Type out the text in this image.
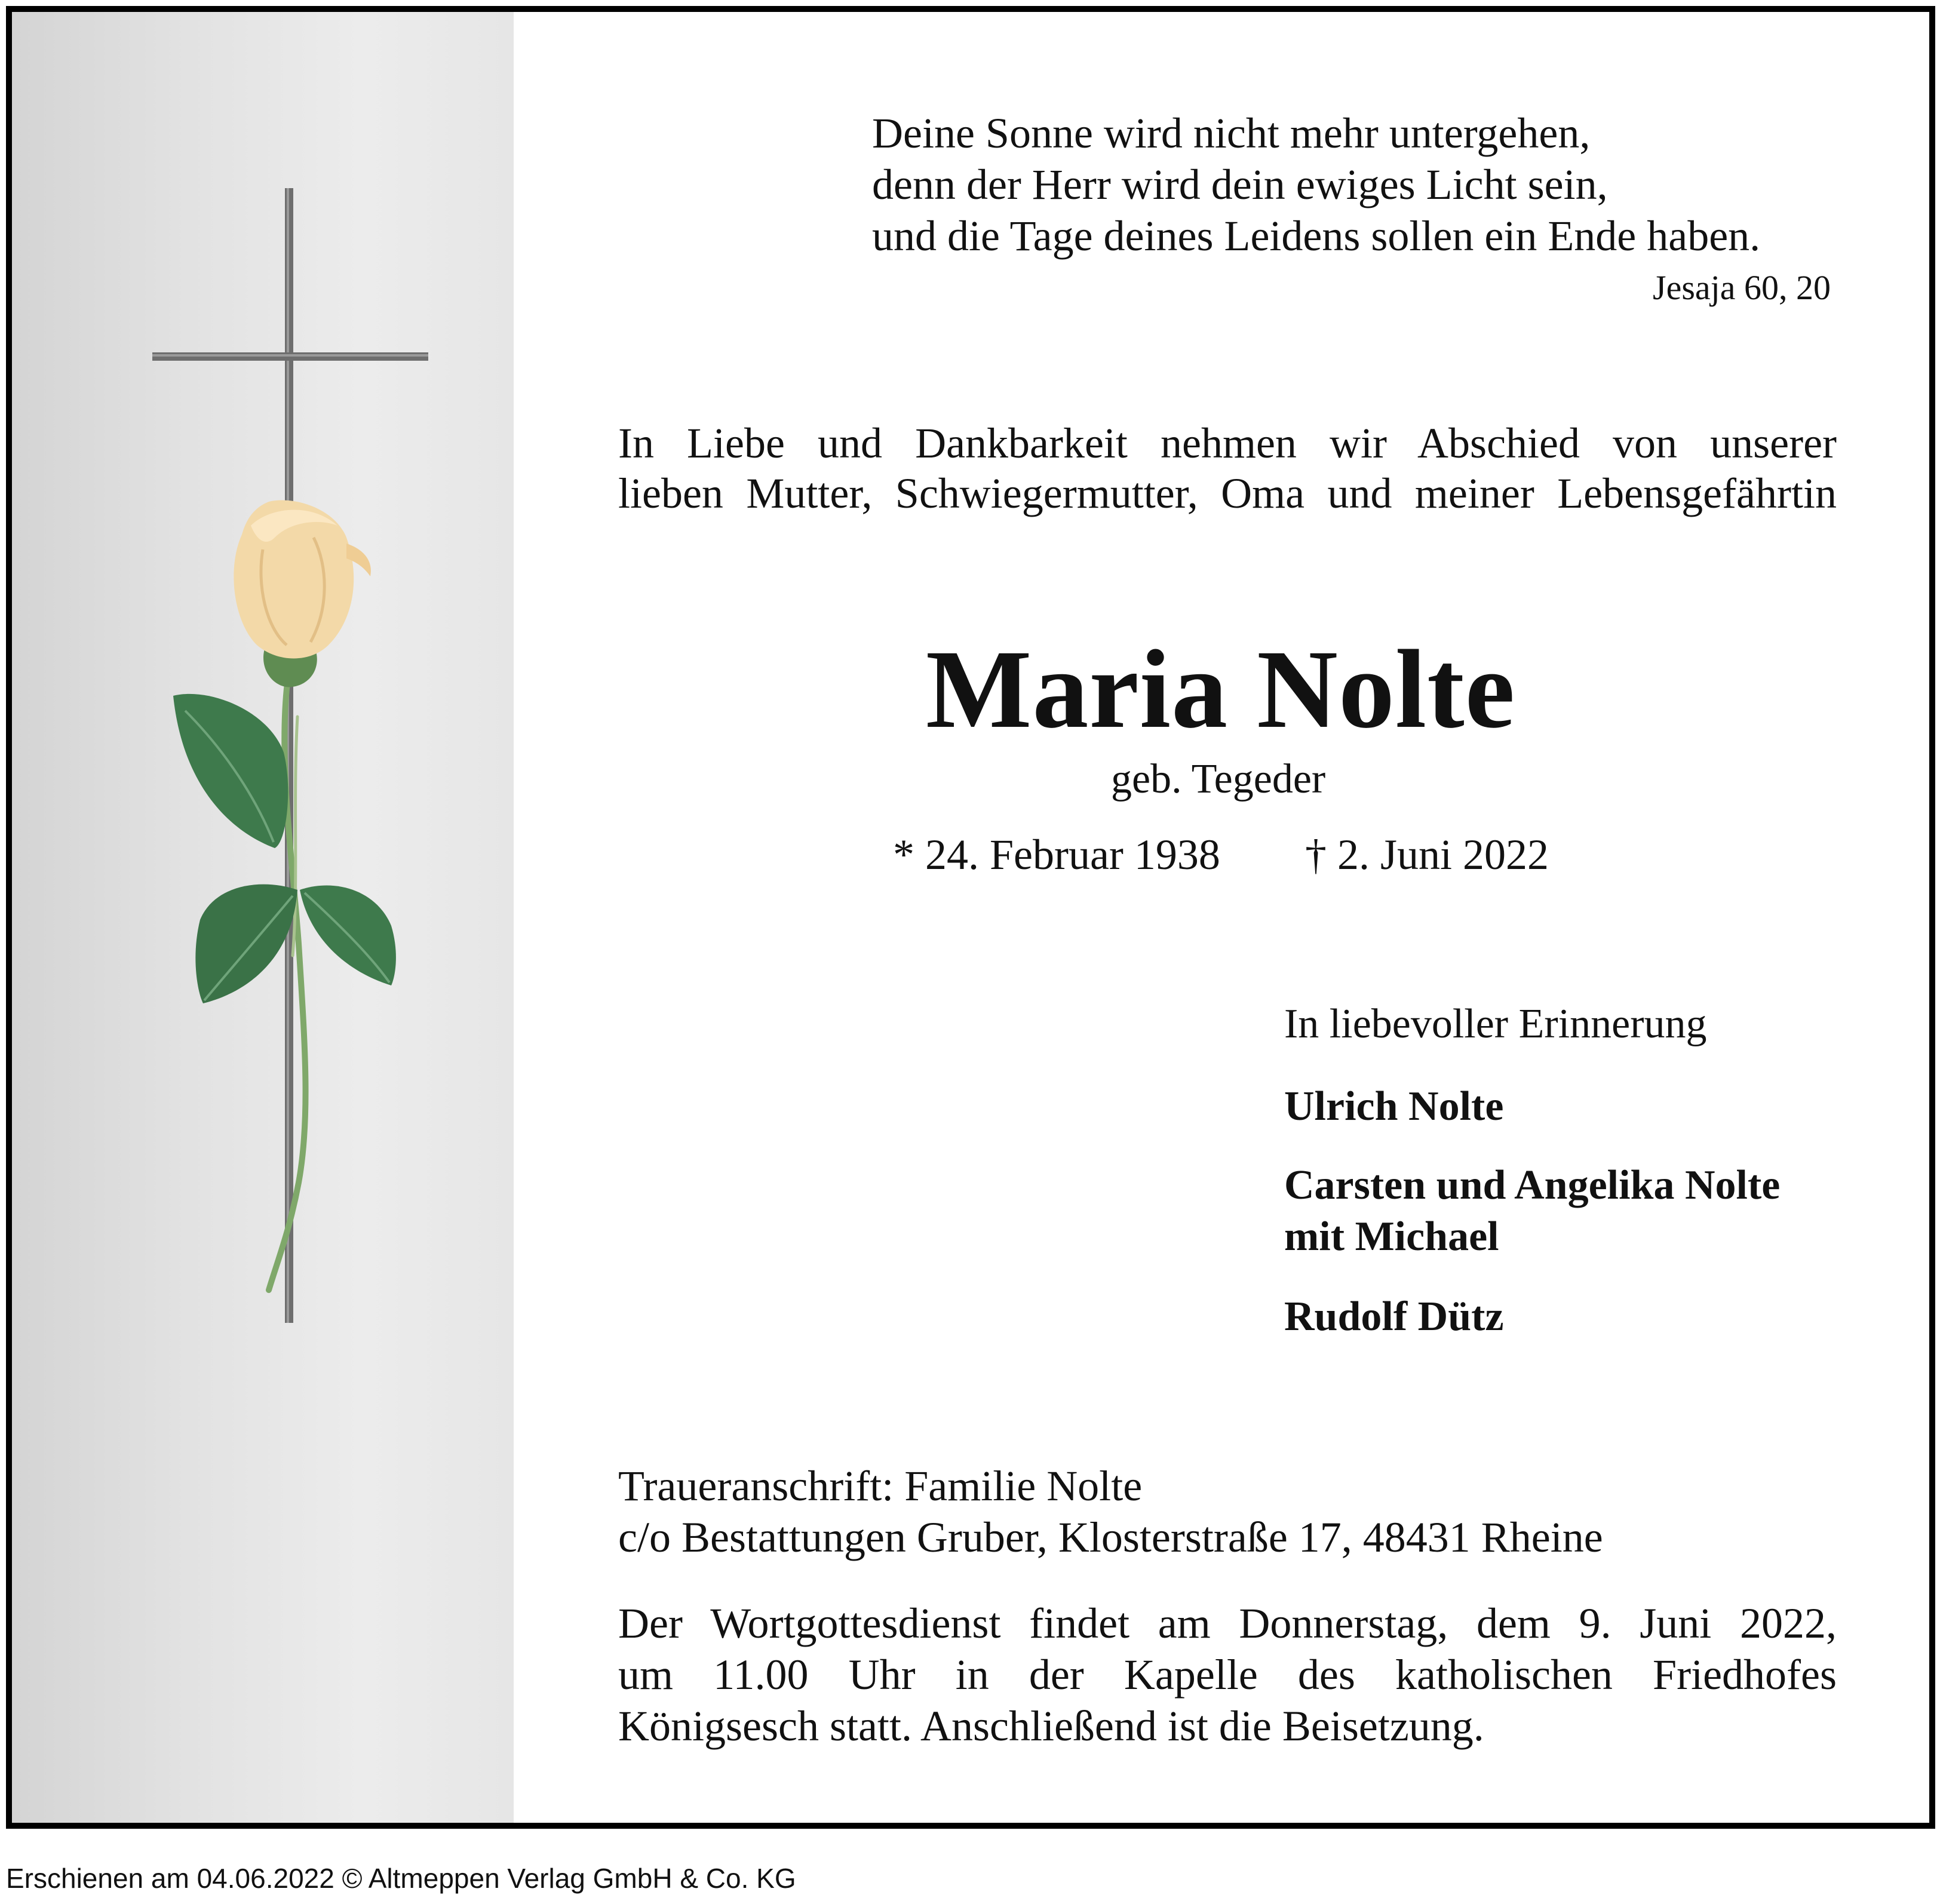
Deine Sonne wird nicht mehr untergehen,
denn der Herr wird dein ewiges Licht sein,
und die Tage deines Leidens sollen ein Ende haben.
Jesaja 60, 20
In Liebe und Dankbarkeit nehmen wir Abschied von unserer
lieben Mutter, Schwiegermutter, Oma und meiner Lebensgefährtin
Maria Nolte
geb. Tegeder
* 24. Februar 1938 † 2. Juni 2022
In liebevoller Erinnerung
Ulrich Nolte
Carsten und Angelika Nolte
mit Michael
Rudolf Dütz
Traueranschrift: Familie Nolte
c/o Bestattungen Gruber, Klosterstraße 17, 48431 Rheine
Der Wortgottesdienst findet am Donnerstag, dem 9. Juni 2022,
um 11.00 Uhr in der Kapelle des katholischen Friedhofes
Königsesch statt. Anschließend ist die Beisetzung.
Erschienen am 04.06.2022 © Altmeppen Verlag GmbH & Co. KG
